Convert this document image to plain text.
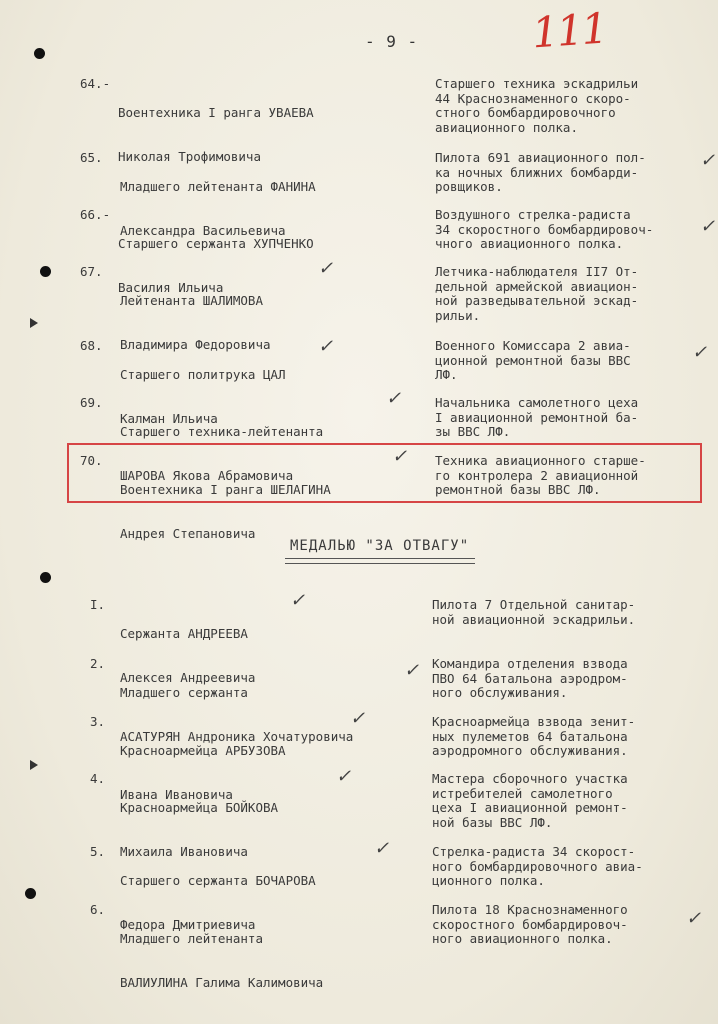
- 9 -	111
64.-

Воентехника I ранга УВАЕВА

Николая Трофимовича

Старшего техника эскадрильи
44 Краснознаменного скоро-
стного бомбардировочного
авиационного полка.
65.

Младшего лейтенанта ФАНИНА

Александра Васильевича

Пилота 691 авиационного пол-
ка ночных ближних бомбарди-
ровщиков.
✓
66.-

Старшего сержанта ХУПЧЕНКО

Василия Ильича

Воздушного стрелка-радиста
34 скоростного бомбардировоч-
чного авиационного полка.
✓
67.

Лейтенанта ШАЛИМОВА

Владимира Федоровича

Летчика-наблюдателя II7 От-
дельной армейской авиацион-
ной разведывательной эскад-
рильи.
✓
68.

Старшего политрука ЦАЛ

Калман Ильича

Военного Комиссара 2 авиа-
ционной ремонтной базы ВВС
ЛФ.
✓	✓
69.

Старшего техника-лейтенанта

ШАРОВА Якова Абрамовича

Начальника самолетного цеха
I авиационной ремонтной ба-
зы ВВС ЛФ.
✓
70.

Воентехника I ранга ШЕЛАГИНА

Андрея Степановича

Техника авиационного старше-
го контролера 2 авиационной
ремонтной базы ВВС ЛФ.
✓
МЕДАЛЬЮ "ЗА ОТВАГУ"
I.

Сержанта АНДРЕЕВА

Алексея Андреевича

Пилота 7 Отдельной санитар-
ной авиационной эскадрильи.
✓
2.

Младшего сержанта

АСАТУРЯН Андроника Хочатуровича

Командира отделения взвода
ПВО 64 батальона аэродром-
ного обслуживания.
✓
3.

Красноармейца АРБУЗОВА

Ивана Ивановича

Красноармейца взвода зенит-
ных пулеметов 64 батальона
аэродромного обслуживания.
✓
4.

Красноармейца БОЙКОВА

Михаила Ивановича

Мастера сборочного участка
истребителей самолетного
цеха I авиационной ремонт-
ной базы ВВС ЛФ.
✓
5.

Старшего сержанта БОЧАРОВА

Федора Дмитриевича

Стрелка-радиста 34 скорост-
ного бомбардировочного авиа-
ционного полка.
✓
6.

Младшего лейтенанта

ВАЛИУЛИНА Галима Калимовича

Пилота 18 Краснознаменного
скоростного бомбардировоч-
ного авиационного полка.
✓
